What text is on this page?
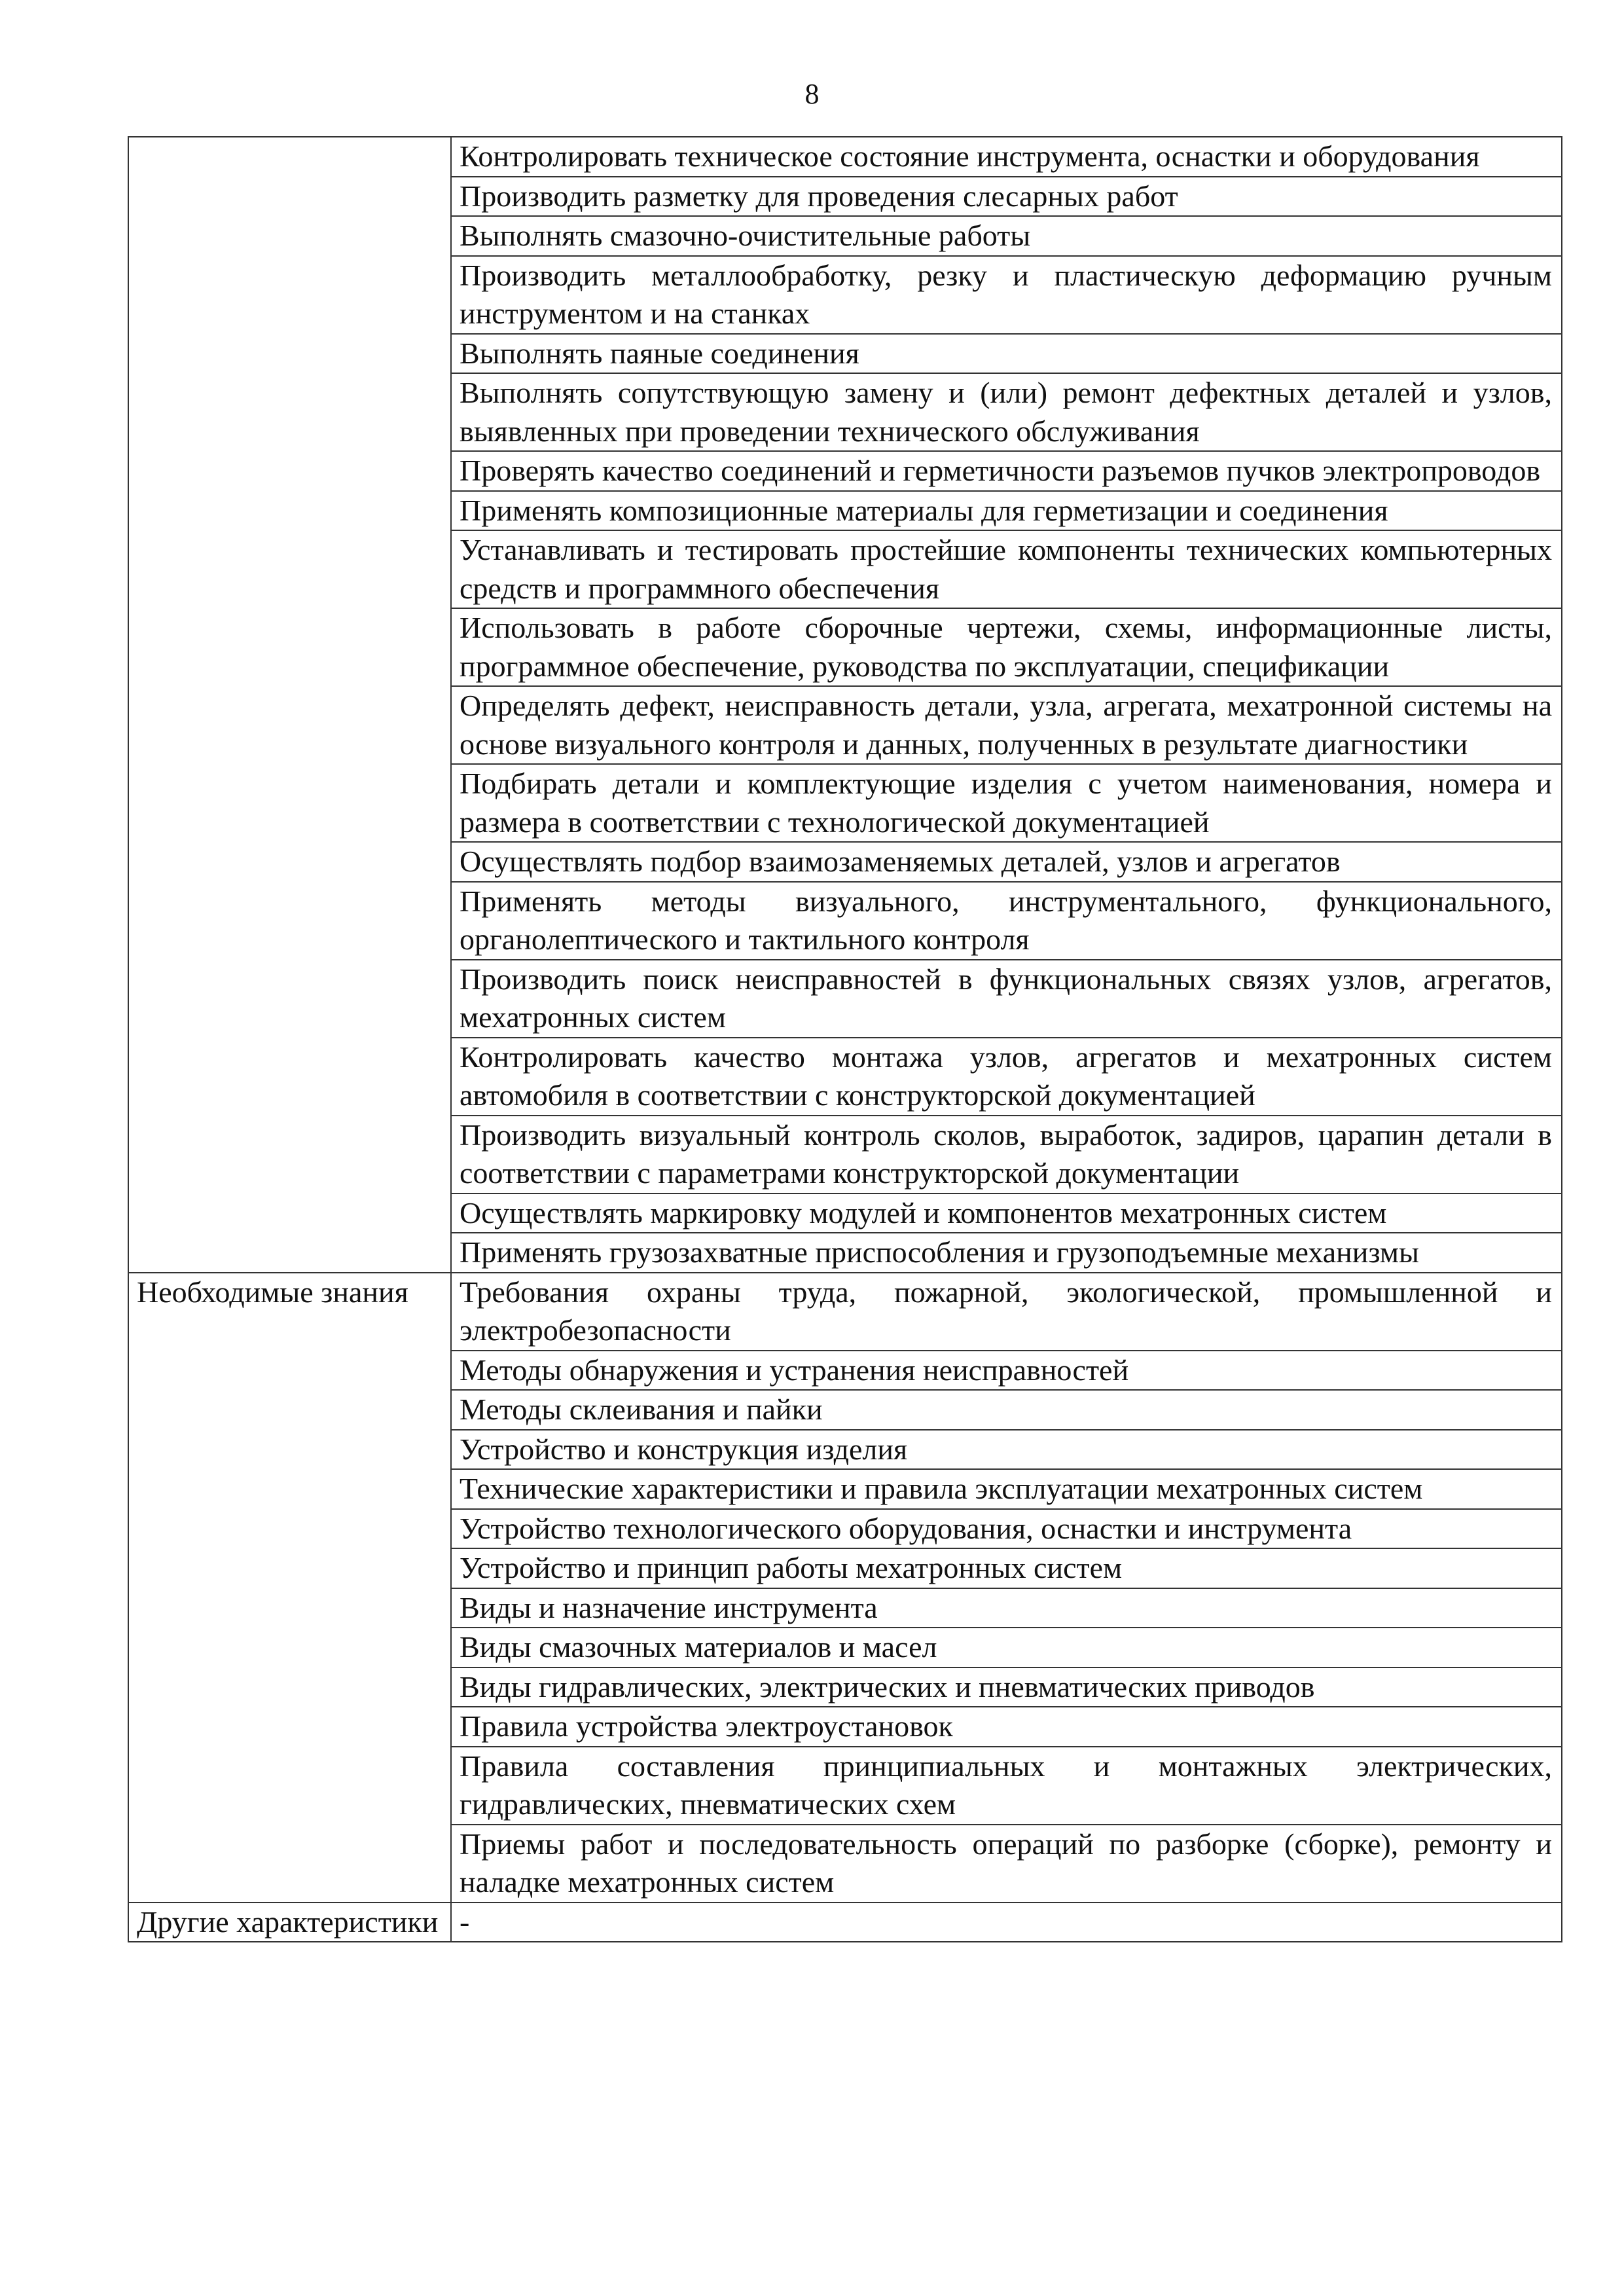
8
	Контролировать техническое состояние инструмента, оснастки и оборудования
	Производить разметку для проведения слесарных работ
	Выполнять смазочно-очистительные работы
	Производить металлообработку, резку и пластическую деформацию ручным инструментом и на станках
	Выполнять паяные соединения
	Выполнять сопутствующую замену и (или) ремонт дефектных деталей и узлов, выявленных при проведении технического обслуживания
	Проверять качество соединений и герметичности разъемов пучков электропроводов
	Применять композиционные материалы для герметизации и соединения
	Устанавливать и тестировать простейшие компоненты технических компьютерных средств и программного обеспечения
	Использовать в работе сборочные чертежи, схемы, информационные листы, программное обеспечение, руководства по эксплуатации, спецификации
	Определять дефект, неисправность детали, узла, агрегата, мехатронной системы на основе визуального контроля и данных, полученных в результате диагностики
	Подбирать детали и комплектующие изделия с учетом наименования, номера и размера в соответствии с технологической документацией
	Осуществлять подбор взаимозаменяемых деталей, узлов и агрегатов
	Применять методы визуального, инструментального, функционального, органолептического и тактильного контроля
	Производить поиск неисправностей в функциональных связях узлов, агрегатов, мехатронных систем
	Контролировать качество монтажа узлов, агрегатов и мехатронных систем автомобиля в соответствии с конструкторской документацией
	Производить визуальный контроль сколов, выработок, задиров, царапин детали в соответствии с параметрами конструкторской документации
	Осуществлять маркировку модулей и компонентов мехатронных систем
	Применять грузозахватные приспособления и грузоподъемные механизмы
Необходимые знания	Требования охраны труда, пожарной, экологической, промышленной и электробезопасности
	Методы обнаружения и устранения неисправностей
	Методы склеивания и пайки
	Устройство и конструкция изделия
	Технические характеристики и правила эксплуатации мехатронных систем
	Устройство технологического оборудования, оснастки и инструмента
	Устройство и принцип работы мехатронных систем
	Виды и назначение инструмента
	Виды смазочных материалов и масел
	Виды гидравлических, электрических и пневматических приводов
	Правила устройства электроустановок
	Правила составления принципиальных и монтажных электрических, гидравлических, пневматических схем
	Приемы работ и последовательность операций по разборке (сборке), ремонту и наладке мехатронных систем
Другие характеристики	-
